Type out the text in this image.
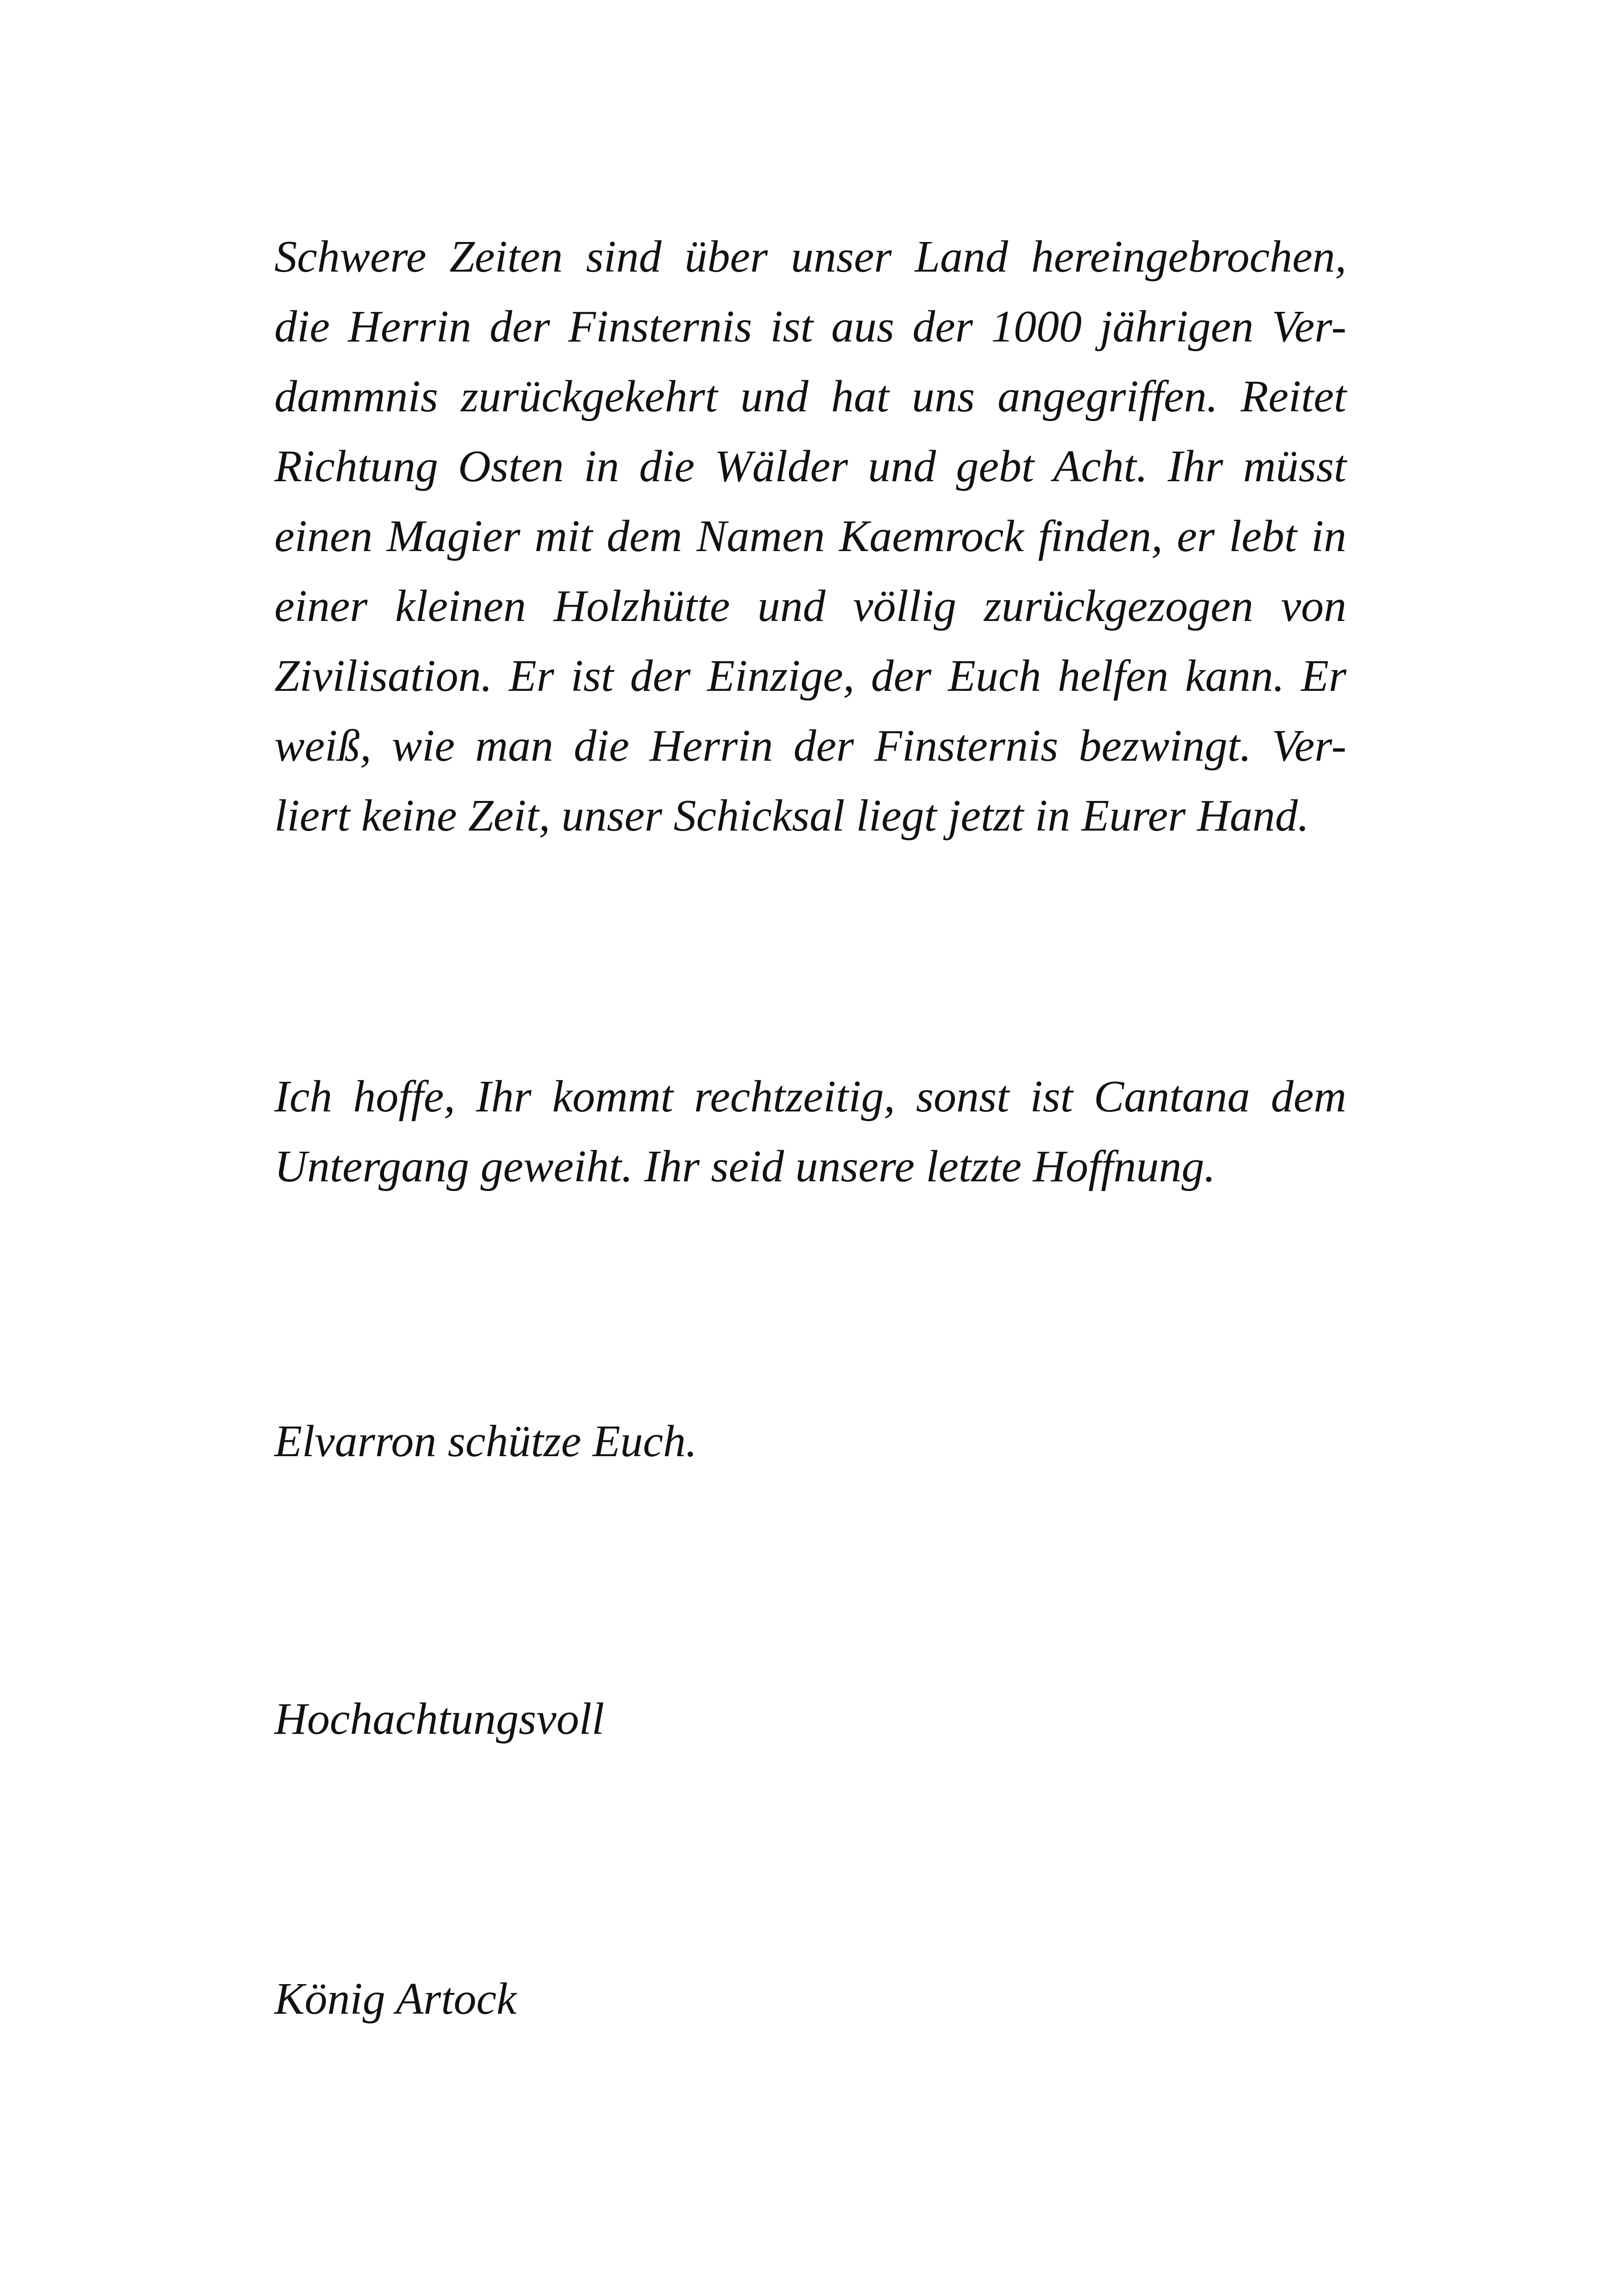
Schwere Zeiten sind über unser Land hereingebrochen,
die Herrin der Finsternis ist aus der 1000 jährigen Ver-
dammnis zurückgekehrt und hat uns angegriffen. Reitet
Richtung Osten in die Wälder und gebt Acht. Ihr müsst
einen Magier mit dem Namen Kaemrock finden, er lebt in
einer kleinen Holzhütte und völlig zurückgezogen von
Zivilisation. Er ist der Einzige, der Euch helfen kann. Er
weiß, wie man die Herrin der Finsternis bezwingt. Ver-
liert keine Zeit, unser Schicksal liegt jetzt in Eurer Hand.
Ich hoffe, Ihr kommt rechtzeitig, sonst ist Cantana dem
Untergang geweiht. Ihr seid unsere letzte Hoffnung.

Elvarron schütze Euch.

Hochachtungsvoll

König Artock
